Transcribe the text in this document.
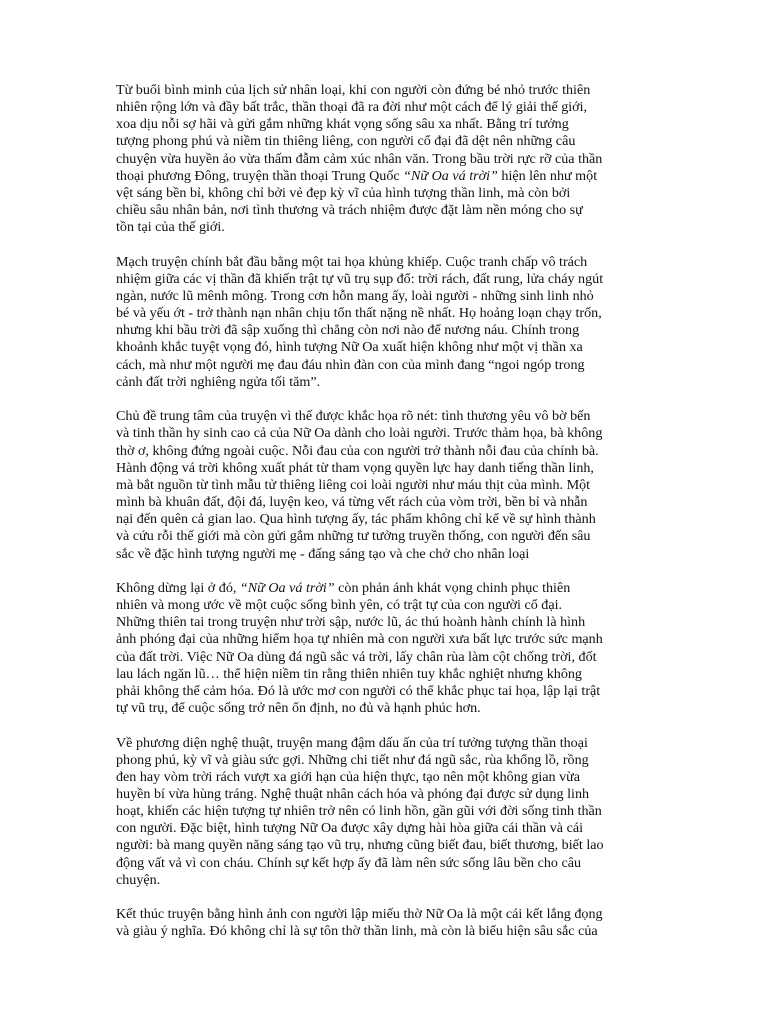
Từ buổi bình minh của lịch sử nhân loại, khi con người còn đứng bé nhỏ trước thiên
nhiên rộng lớn và đầy bất trắc, thần thoại đã ra đời như một cách để lý giải thế giới,
xoa dịu nỗi sợ hãi và gửi gắm những khát vọng sống sâu xa nhất. Bằng trí tưởng
tượng phong phú và niềm tin thiêng liêng, con người cổ đại đã dệt nên những câu
chuyện vừa huyền ảo vừa thấm đẫm cảm xúc nhân văn. Trong bầu trời rực rỡ của thần
thoại phương Đông, truyện thần thoại Trung Quốc “Nữ Oa vá trời” hiện lên như một
vệt sáng bền bỉ, không chỉ bởi vẻ đẹp kỳ vĩ của hình tượng thần linh, mà còn bởi
chiều sâu nhân bản, nơi tình thương và trách nhiệm được đặt làm nền móng cho sự
tồn tại của thế giới.

Mạch truyện chính bắt đầu bằng một tai họa khủng khiếp. Cuộc tranh chấp vô trách
nhiệm giữa các vị thần đã khiến trật tự vũ trụ sụp đổ: trời rách, đất rung, lửa cháy ngút
ngàn, nước lũ mênh mông. Trong cơn hỗn mang ấy, loài người - những sinh linh nhỏ
bé và yếu ớt - trở thành nạn nhân chịu tổn thất nặng nề nhất. Họ hoảng loạn chạy trốn,
nhưng khi bầu trời đã sập xuống thì chẳng còn nơi nào để nương náu. Chính trong
khoảnh khắc tuyệt vọng đó, hình tượng Nữ Oa xuất hiện không như một vị thần xa
cách, mà như một người mẹ đau đáu nhìn đàn con của mình đang “ngoi ngóp trong
cảnh đất trời nghiêng ngửa tối tăm”.

Chủ đề trung tâm của truyện vì thế được khắc họa rõ nét: tình thương yêu vô bờ bến
và tinh thần hy sinh cao cả của Nữ Oa dành cho loài người. Trước thảm họa, bà không
thờ ơ, không đứng ngoài cuộc. Nỗi đau của con người trở thành nỗi đau của chính bà.
Hành động vá trời không xuất phát từ tham vọng quyền lực hay danh tiếng thần linh,
mà bắt nguồn từ tình mẫu tử thiêng liêng coi loài người như máu thịt của mình. Một
mình bà khuân đất, đội đá, luyện keo, vá từng vết rách của vòm trời, bền bỉ và nhẫn
nại đến quên cả gian lao. Qua hình tượng ấy, tác phẩm không chỉ kể về sự hình thành
và cứu rỗi thế giới mà còn gửi gắm những tư tưởng truyền thống, con người đến sâu
sắc về đặc hình tượng người mẹ - đấng sáng tạo và che chở cho nhân loại

Không dừng lại ở đó, “Nữ Oa vá trời” còn phản ánh khát vọng chinh phục thiên
nhiên và mong ước về một cuộc sống bình yên, có trật tự của con người cổ đại.
Những thiên tai trong truyện như trời sập, nước lũ, ác thú hoành hành chính là hình
ảnh phóng đại của những hiểm họa tự nhiên mà con người xưa bất lực trước sức mạnh
của đất trời. Việc Nữ Oa dùng đá ngũ sắc vá trời, lấy chân rùa làm cột chống trời, đốt
lau lách ngăn lũ… thể hiện niềm tin rằng thiên nhiên tuy khắc nghiệt nhưng không
phải không thể cảm hóa. Đó là ước mơ con người có thể khắc phục tai họa, lập lại trật
tự vũ trụ, để cuộc sống trở nên ổn định, no đủ và hạnh phúc hơn.

Về phương diện nghệ thuật, truyện mang đậm dấu ấn của trí tưởng tượng thần thoại
phong phú, kỳ vĩ và giàu sức gợi. Những chi tiết như đá ngũ sắc, rùa khổng lồ, rồng
đen hay vòm trời rách vượt xa giới hạn của hiện thực, tạo nên một không gian vừa
huyền bí vừa hùng tráng. Nghệ thuật nhân cách hóa và phóng đại được sử dụng linh
hoạt, khiến các hiện tượng tự nhiên trở nên có linh hồn, gần gũi với đời sống tinh thần
con người. Đặc biệt, hình tượng Nữ Oa được xây dựng hài hòa giữa cái thần và cái
người: bà mang quyền năng sáng tạo vũ trụ, nhưng cũng biết đau, biết thương, biết lao
động vất vả vì con cháu. Chính sự kết hợp ấy đã làm nên sức sống lâu bền cho câu
chuyện.

Kết thúc truyện bằng hình ảnh con người lập miếu thờ Nữ Oa là một cái kết lắng đọng
và giàu ý nghĩa. Đó không chỉ là sự tôn thờ thần linh, mà còn là biểu hiện sâu sắc của
